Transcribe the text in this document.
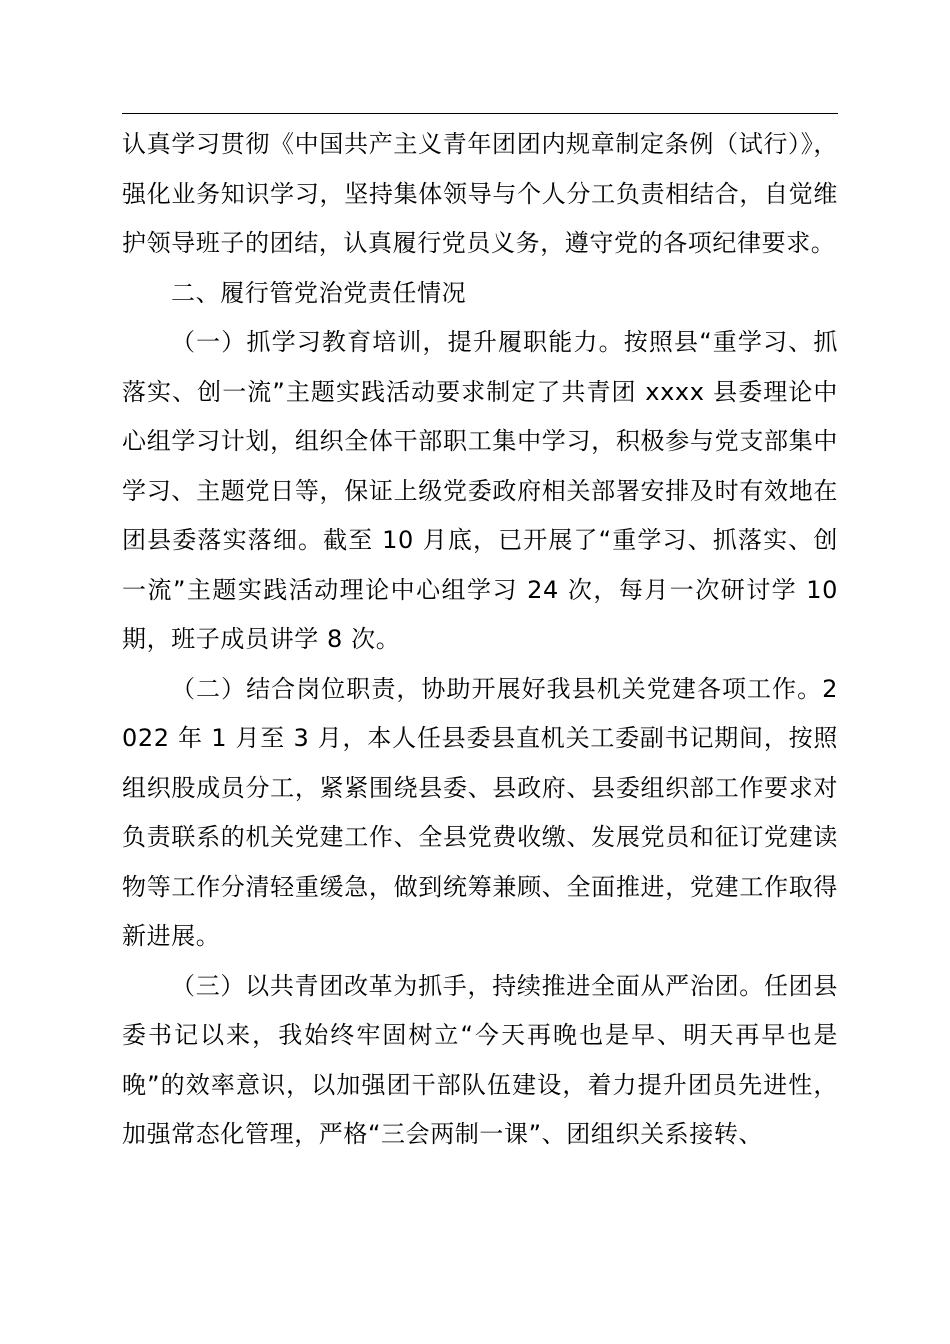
认真学习贯彻《中国共产主义青年团团内规章制定条例（试行）》，强化业务知识学习，坚持集体领导与个人分工负责相结合，自觉维护领导班子的团结，认真履行党员义务，遵守党的各项纪律要求。

二、履行管党治党责任情况

（一）抓学习教育培训，提升履职能力。按照县“重学习、抓落实、创一流”主题实践活动要求制定了共青团 xxxx 县委理论中心组学习计划，组织全体干部职工集中学习，积极参与党支部集中学习、主题党日等，保证上级党委政府相关部署安排及时有效地在团县委落实落细。截至 10 月底，已开展了“重学习、抓落实、创一流”主题实践活动理论中心组学习 24 次，每月一次研讨学 10 期，班子成员讲学 8 次。

（二）结合岗位职责，协助开展好我县机关党建各项工作。2022 年 1 月至 3 月，本人任县委县直机关工委副书记期间，按照组织股成员分工，紧紧围绕县委、县政府、县委组织部工作要求对负责联系的机关党建工作、全县党费收缴、发展党员和征订党建读物等工作分清轻重缓急，做到统筹兼顾、全面推进，党建工作取得新进展。

（三）以共青团改革为抓手，持续推进全面从严治团。任团县委书记以来，我始终牢固树立“今天再晚也是早、明天再早也是晚”的效率意识，以加强团干部队伍建设，着力提升团员先进性，加强常态化管理，严格“三会两制一课”、团组织关系接转、
